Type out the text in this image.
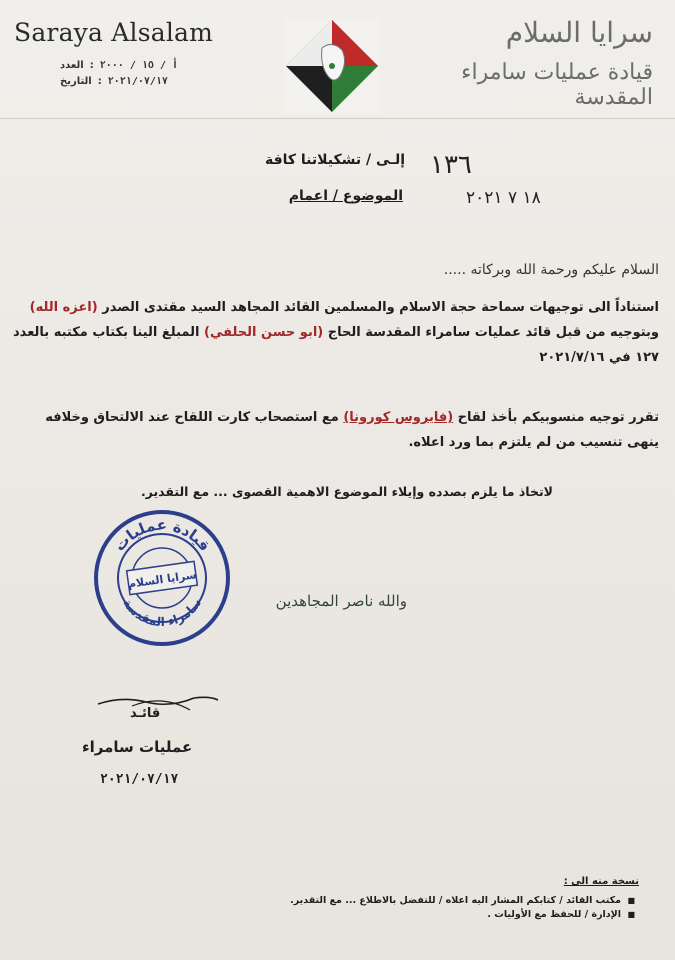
Saraya Alsalam
العدد : أ / ١٥ / ٢٠٠٠
التاريخ : ٢٠٢١/٠٧/١٧
سرايا السلام
قيادة عمليات سامراء المقدسة
١٣٦
١٨ ٧ ٢٠٢١
إلـى / تشكيلاتنا كافة
الموضوع / اعمام
السلام عليكم ورحمة الله وبركاته .....

استناداً الى توجيهات سماحة حجة الاسلام والمسلمين القائد المجاهد السيد مقتدى الصدر (اعزه الله) وبتوجيه من قبل قائد عمليات سامراء المقدسة الحاج (ابو حسن الحلفي) المبلغ الينا بكتاب مكتبه بالعدد ١٢٧ في ٢٠٢١/٧/١٦

تقرر توجيه منسوبيكم بأخذ لقاح (فايروس كورونا) مع استصحاب كارت اللقاح عند الالتحاق وخلافه ينهى تنسيب من لم يلتزم بما ورد اعلاه.

لاتخاذ ما يلزم بصدده وإيلاء الموضوع الاهمية القصوى ... مع التقدير.
والله ناصر المجاهدين
قيادة عمليات
سامراء المقدسة
سرايا السلام
قائـد
عمليات سامراء
٢٠٢١/٠٧/١٧
نسخة منه الى :
■ مكتب القائد / كتابكم المشار اليه اعلاه / للتفضل بالاطلاع ... مع التقدير.
■ الإدارة / للحفظ مع الأوليات .
